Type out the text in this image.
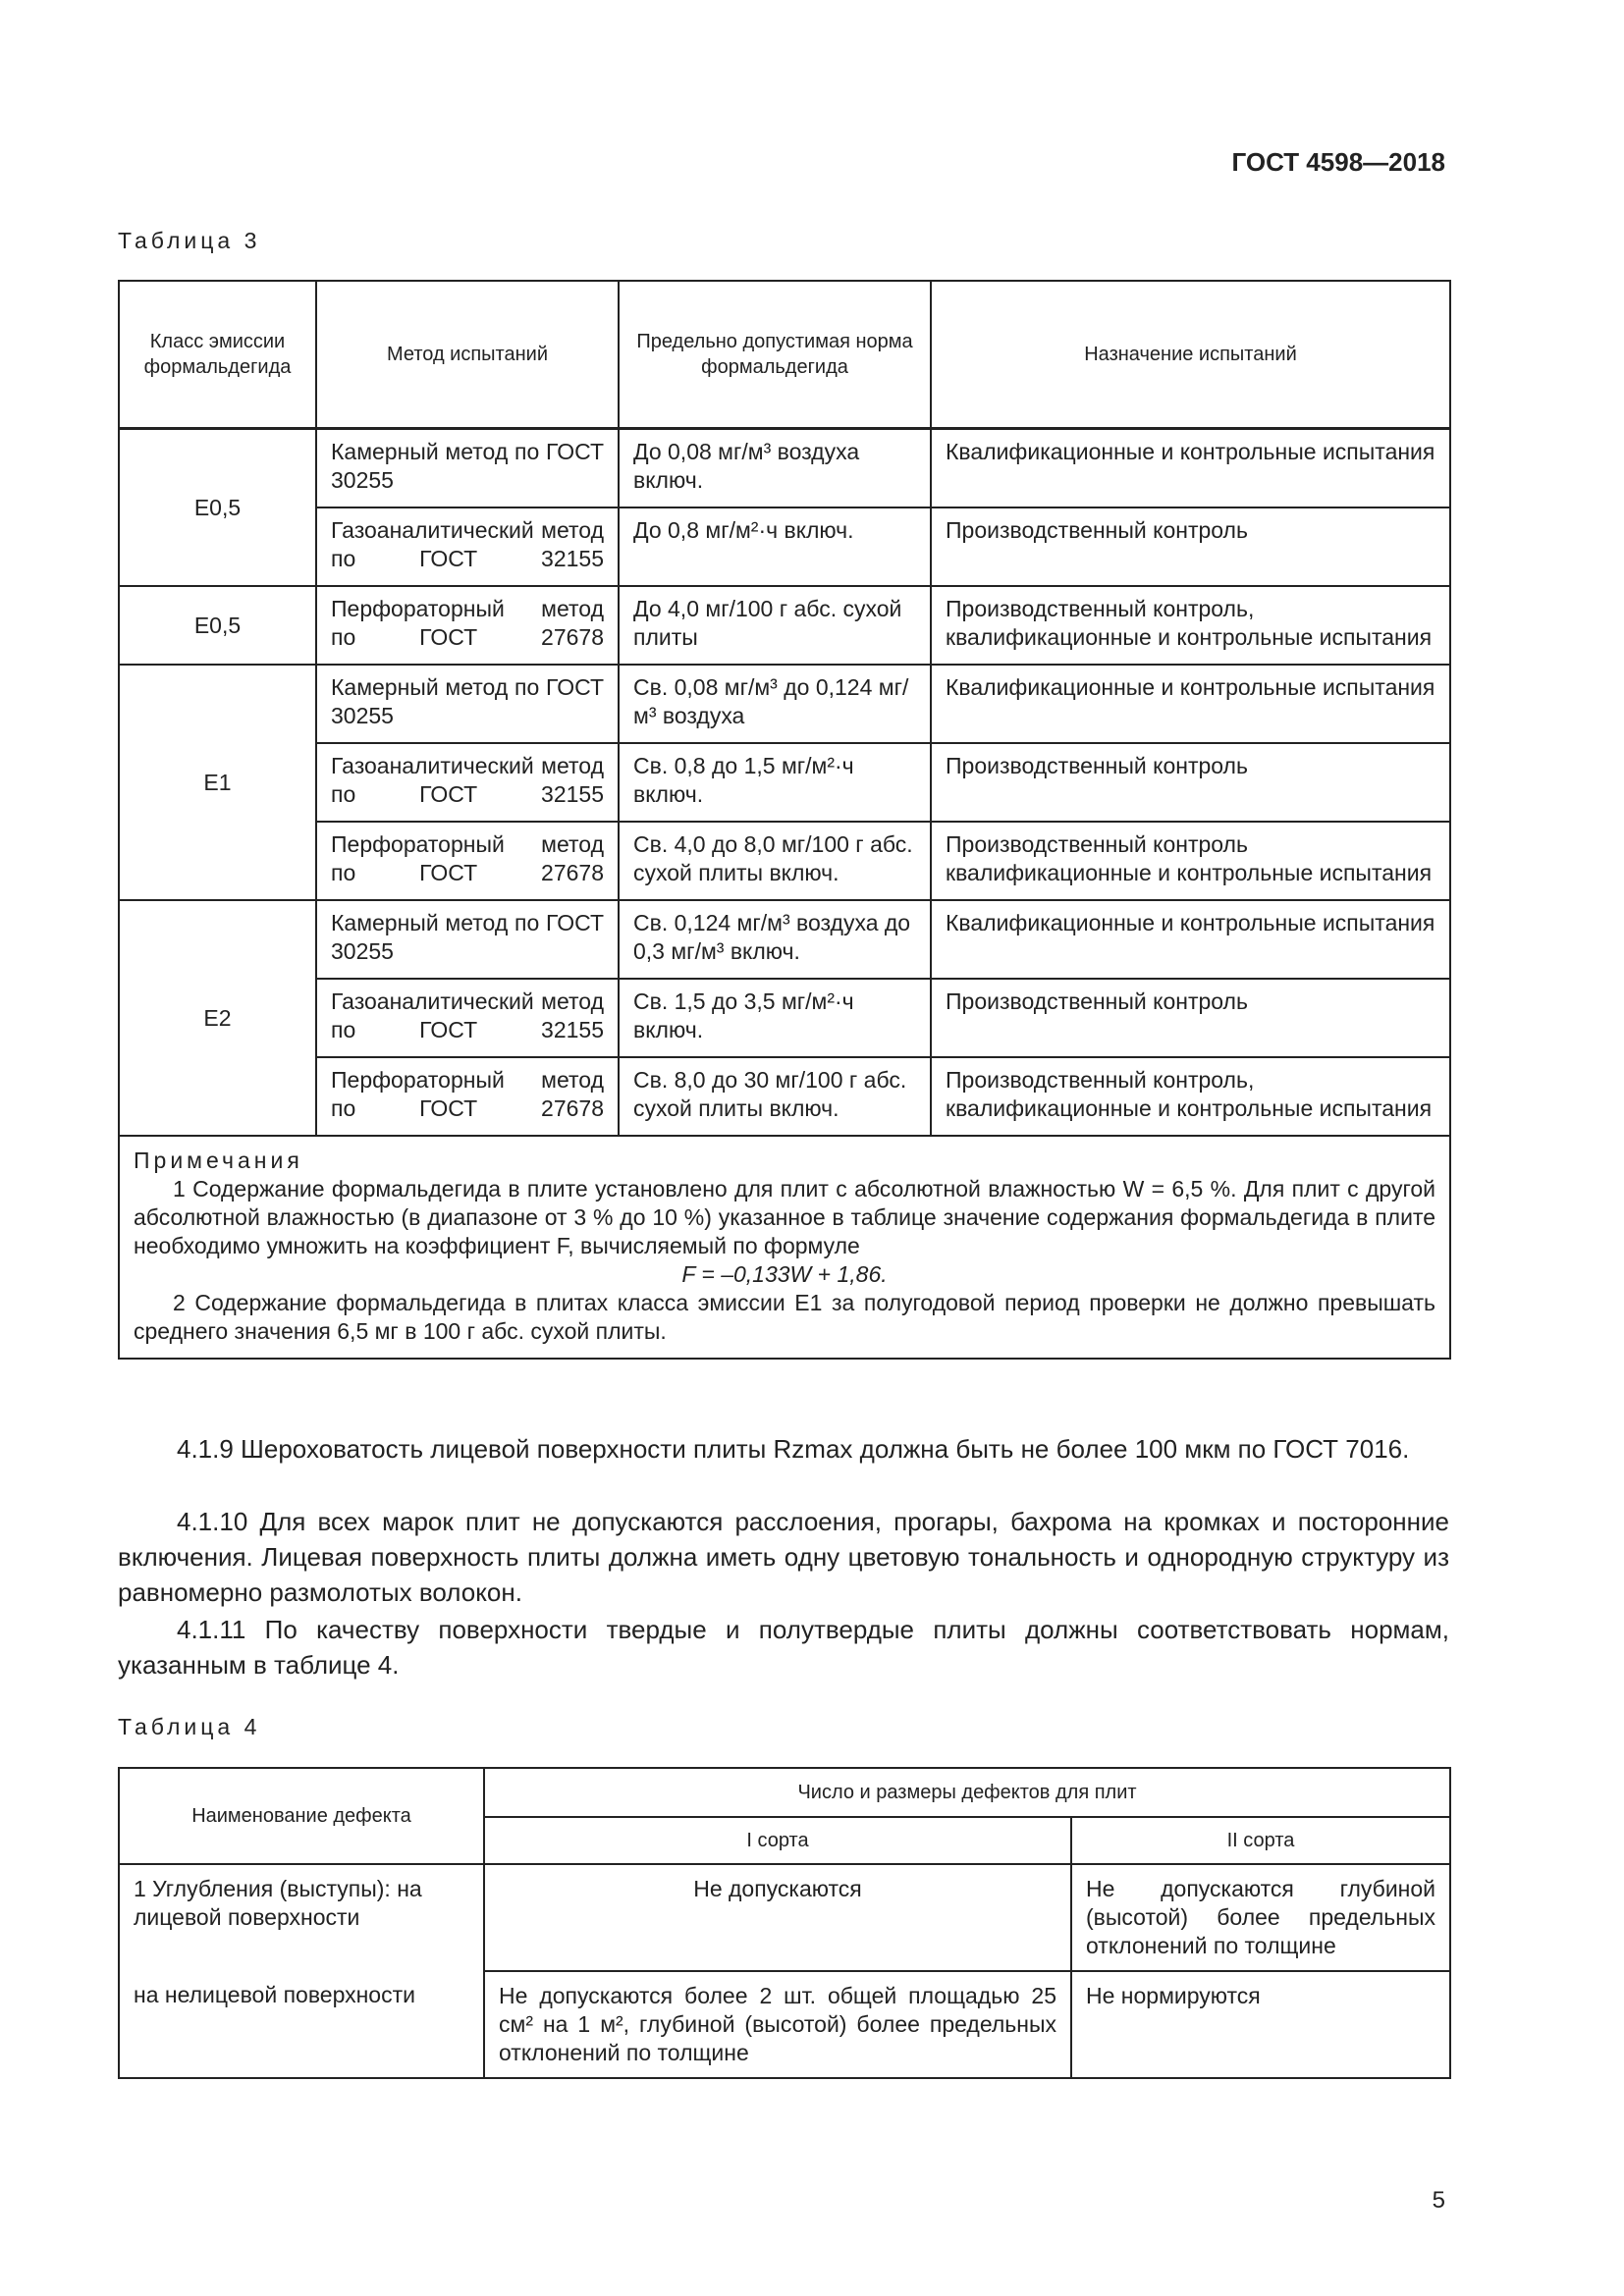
ГОСТ 4598—2018
Таблица 3
Класс эмиссии формальдегида	Метод испытаний	Предельно допустимая норма формальдегида	Назначение испытаний
E0,5	Камерный метод по ГОСТ 30255	До 0,08 мг/м³ воздуха включ.	Квалификационные и контрольные испытания
	Газоаналитический метод по ГОСТ 32155	До 0,8 мг/м²·ч включ.	Производственный контроль
E0,5	Перфораторный метод по ГОСТ 27678	До 4,0 мг/100 г абс. сухой плиты	Производственный контроль, квалификационные и контрольные испытания
E1	Камерный метод по ГОСТ 30255	Св. 0,08 мг/м³ до 0,124 мг/м³ воздуха	Квалификационные и контрольные испытания
	Газоаналитический метод по ГОСТ 32155	Св. 0,8 до 1,5 мг/м²·ч включ.	Производственный контроль
	Перфораторный метод по ГОСТ 27678	Св. 4,0 до 8,0 мг/100 г абс. сухой плиты включ.	Производственный контроль квалификационные и контрольные испытания
E2	Камерный метод по ГОСТ 30255	Св. 0,124 мг/м³ воздуха до 0,3 мг/м³ включ.	Квалификационные и контрольные испытания
	Газоаналитический метод по ГОСТ 32155	Св. 1,5 до 3,5 мг/м²·ч включ.	Производственный контроль
	Перфораторный метод по ГОСТ 27678	Св. 8,0 до 30 мг/100 г абс. сухой плиты включ.	Производственный контроль, квалификационные и контрольные испытания

Примечания

1 Содержание формальдегида в плите установлено для плит с абсолютной влажностью W = 6,5 %. Для плит с другой абсолютной влажностью (в диапазоне от 3 % до 10 %) указанное в таблице значение содержания формальдегида в плите необходимо умножить на коэффициент F, вычисляемый по формуле

F = –0,133W + 1,86.

2 Содержание формальдегида в плитах класса эмиссии Е1 за полугодовой период проверки не должно превышать среднего значения 6,5 мг в 100 г абс. сухой плиты.			

4.1.9 Шероховатость лицевой поверхности плиты Rzmax должна быть не более 100 мкм по ГОСТ 7016.

4.1.10 Для всех марок плит не допускаются расслоения, прогары, бахрома на кромках и посторонние включения. Лицевая поверхность плиты должна иметь одну цветовую тональность и однородную структуру из равномерно размолотых волокон.

4.1.11 По качеству поверхности твердые и полутвердые плиты должны соответствовать нормам, указанным в таблице 4.

Таблица 4
Наименование дефекта	Число и размеры дефектов для плит	
	I сорта	II сорта
1 Углубления (выступы): на лицевой поверхности	Не допускаются	Не допускаются глубиной (высотой) более предельных отклонений по толщине
на нелицевой поверхности	Не допускаются более 2 шт. общей площадью 25 см² на 1 м², глубиной (высотой) более предельных отклонений по толщине	Не нормируются
5
